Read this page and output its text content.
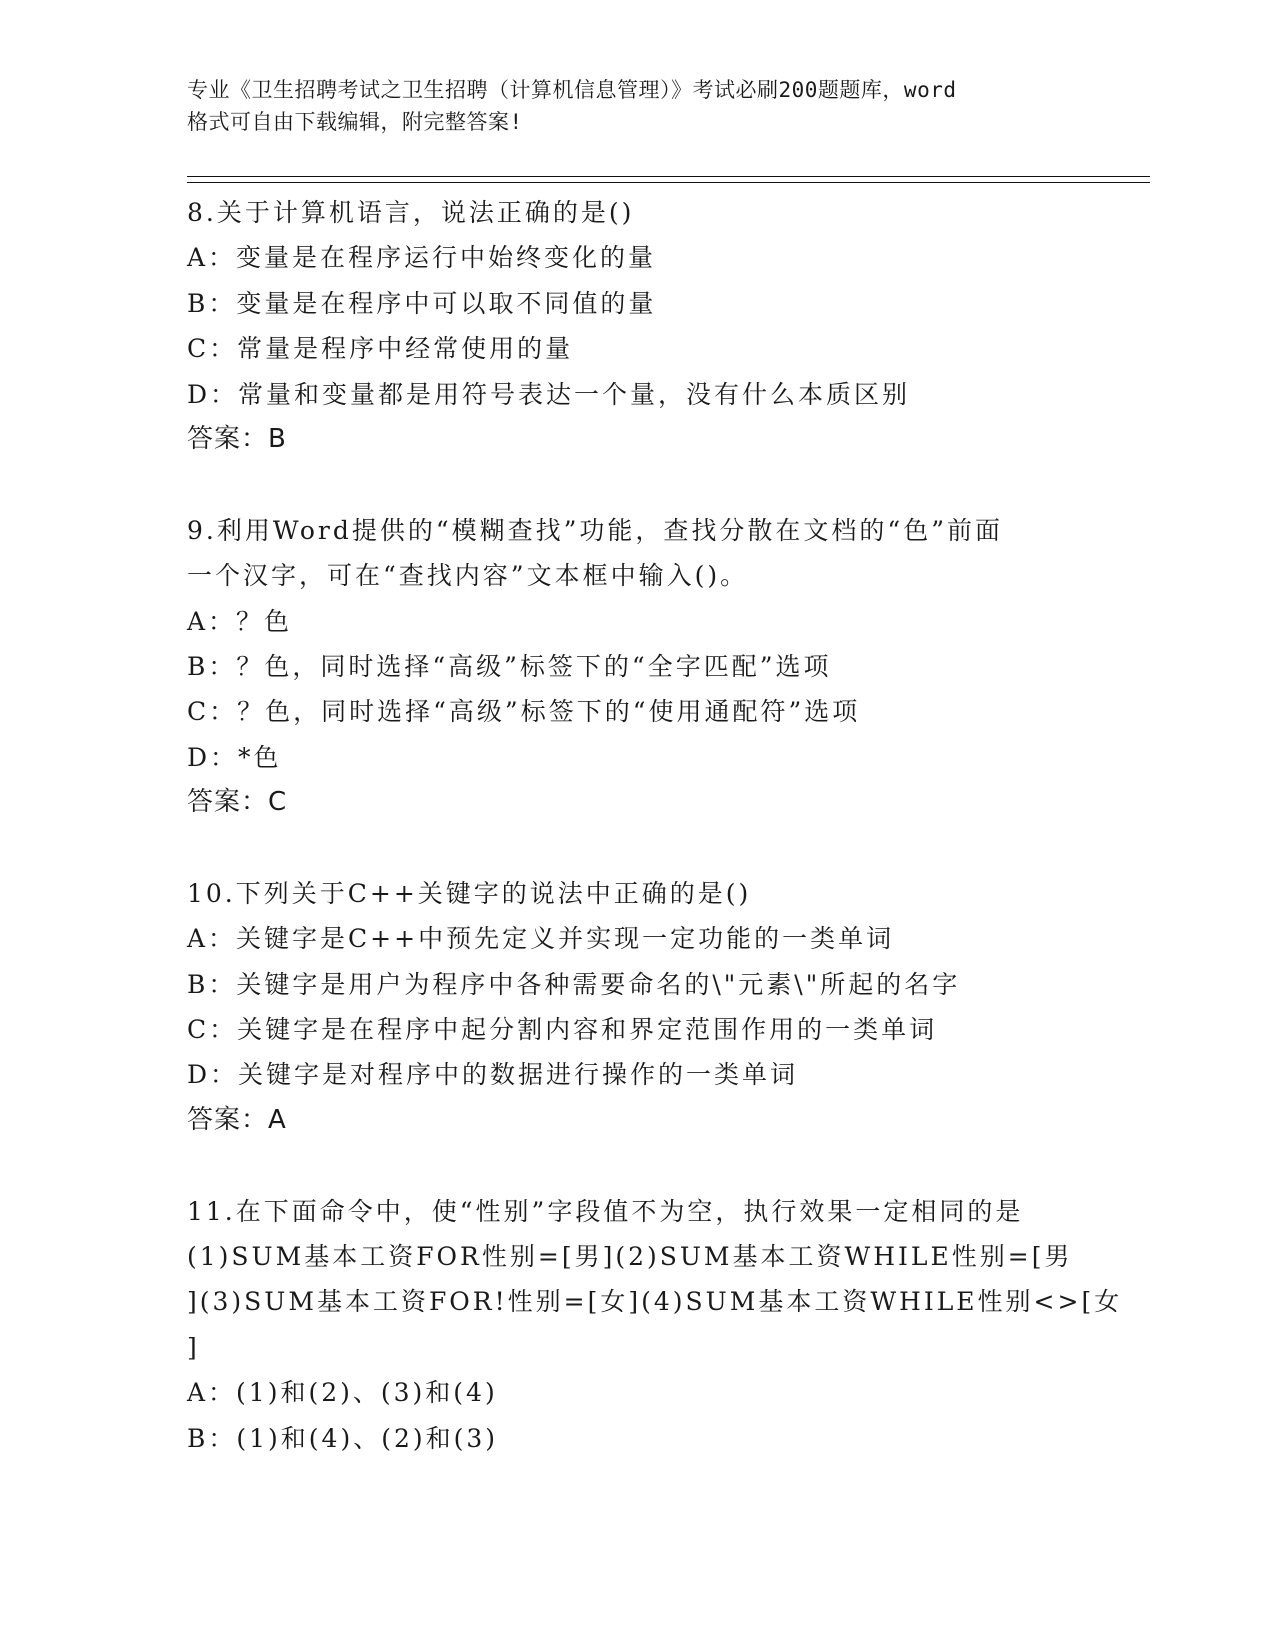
专业《卫生招聘考试之卫生招聘（计算机信息管理）》考试必刷200题题库，word
格式可自由下载编辑，附完整答案!
8.关于计算机语言，说法正确的是()
A：变量是在程序运行中始终变化的量
B：变量是在程序中可以取不同值的量
C：常量是程序中经常使用的量
D：常量和变量都是用符号表达一个量，没有什么本质区别
答案：B
9.利用Word提供的“模糊查找”功能，查找分散在文档的“色”前面
一个汉字，可在“查找内容”文本框中输入()。
A：？色
B：？色，同时选择“高级”标签下的“全字匹配”选项
C：？色，同时选择“高级”标签下的“使用通配符”选项
D：*色
答案：C
10.下列关于C++关键字的说法中正确的是()
A：关键字是C++中预先定义并实现一定功能的一类单词
B：关键字是用户为程序中各种需要命名的\"元素\"所起的名字
C：关键字是在程序中起分割内容和界定范围作用的一类单词
D：关键字是对程序中的数据进行操作的一类单词
答案：A
11.在下面命令中，使“性别”字段值不为空，执行效果一定相同的是
(1)SUM基本工资FOR性别=[男](2)SUM基本工资WHILE性别=[男
](3)SUM基本工资FOR!性别=[女](4)SUM基本工资WHILE性别<>[女
]
A：(1)和(2)、(3)和(4)
B：(1)和(4)、(2)和(3)
